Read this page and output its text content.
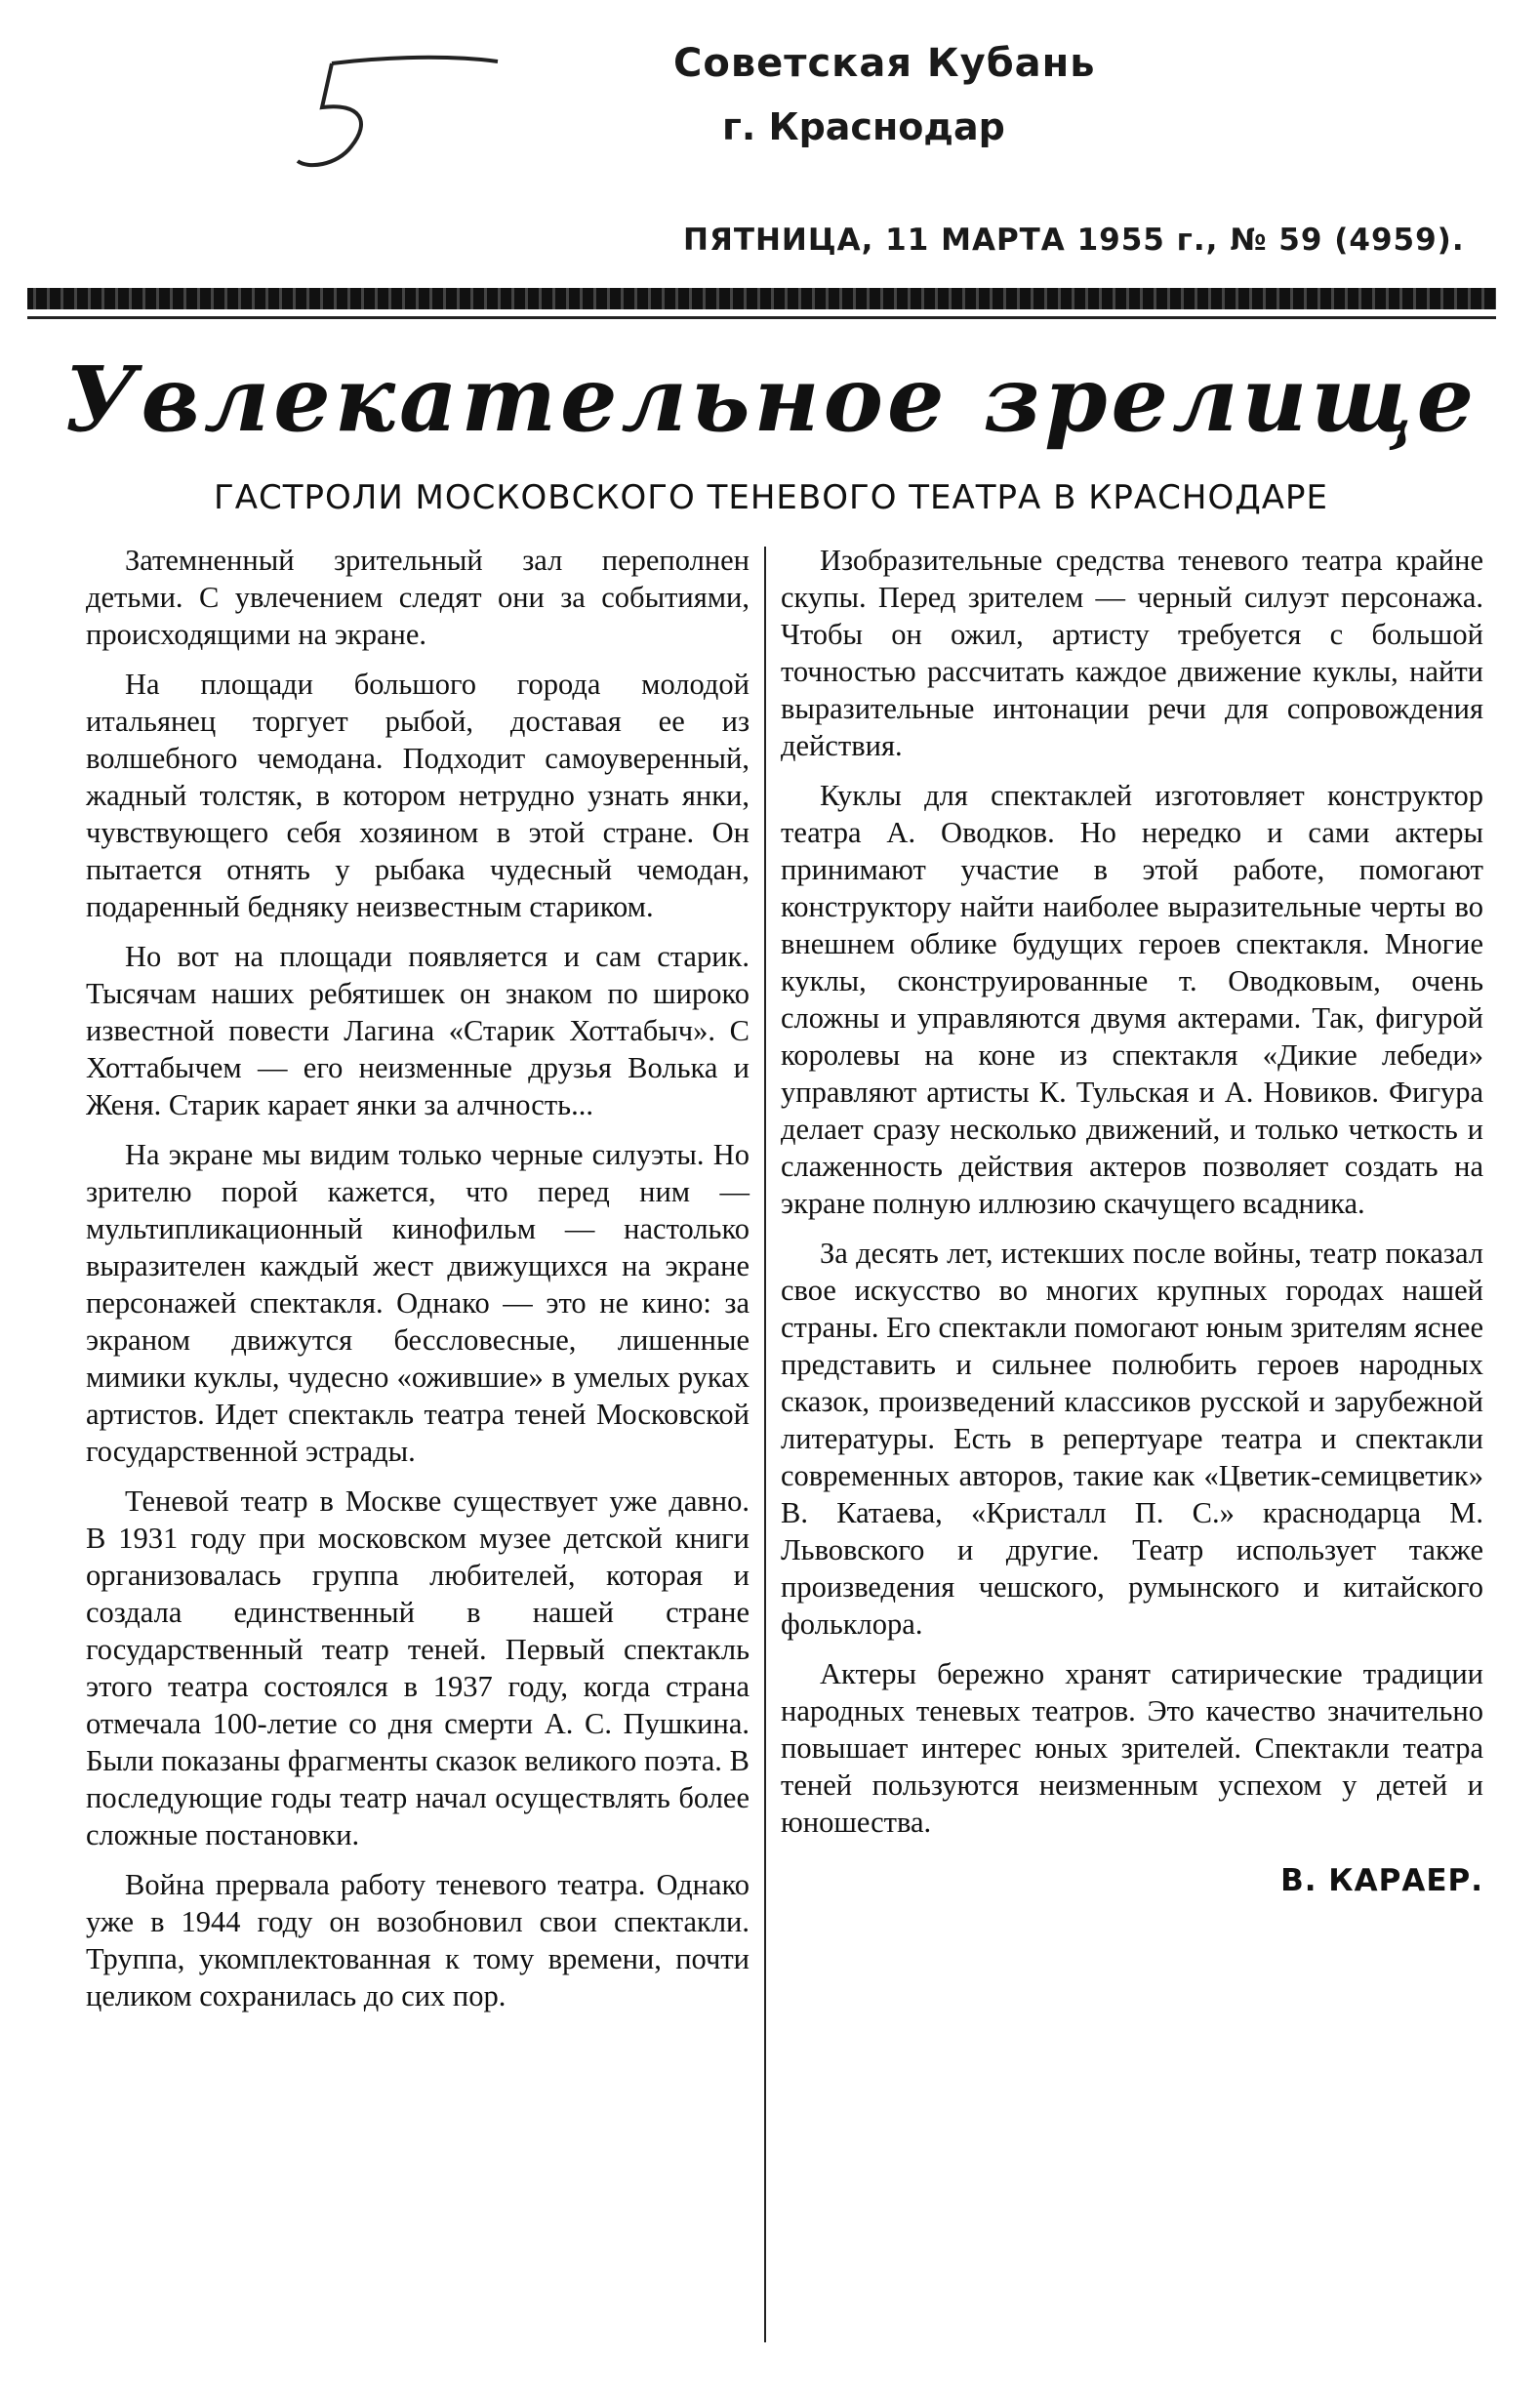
Советская Кубань
г. Краснодар
ПЯТНИЦА, 11 МАРТА 1955 г., № 59 (4959).
Увлекательное зрелище
ГАСТРОЛИ МОСКОВСКОГО ТЕНЕВОГО ТЕАТРА В КРАСНОДАРЕ

Затемненный зрительный зал переполнен детьми. С увлечением следят они за событиями, происходящими на экране.

На площади большого города молодой итальянец торгует рыбой, доставая ее из волшебного чемодана. Подходит самоуверенный, жадный толстяк, в котором нетрудно узнать янки, чувствующего себя хозяином в этой стране. Он пытается отнять у рыбака чудесный чемодан, подаренный бедняку неизвестным стариком.

Но вот на площади появляется и сам старик. Тысячам наших ребятишек он знаком по широко известной повести Лагина «Старик Хоттабыч». С Хоттабычем — его неизменные друзья Волька и Женя. Старик карает янки за алчность...

На экране мы видим только черные силуэты. Но зрителю порой кажется, что перед ним — мультипликационный кинофильм — настолько выразителен каждый жест движущихся на экране персонажей спектакля. Однако — это не кино: за экраном движутся бессловесные, лишенные мимики куклы, чудесно «ожившие» в умелых руках артистов. Идет спектакль театра теней Московской государственной эстрады.

Теневой театр в Москве существует уже давно. В 1931 году при московском музее детской книги организовалась группа любителей, которая и создала единственный в нашей стране государственный театр теней. Первый спектакль этого театра состоялся в 1937 году, когда страна отмечала 100-летие со дня смерти А. С. Пушкина. Были показаны фрагменты сказок великого поэта. В последующие годы театр начал осуществлять более сложные постановки.

Война прервала работу теневого театра. Однако уже в 1944 году он возобновил свои спектакли. Труппа, укомплектованная к тому времени, почти целиком сохранилась до сих пор.

Изобразительные средства теневого театра крайне скупы. Перед зрителем — черный силуэт персонажа. Чтобы он ожил, артисту требуется с большой точностью рассчитать каждое движение куклы, найти выразительные интонации речи для сопровождения действия.

Куклы для спектаклей изготовляет конструктор театра А. Оводков. Но нередко и сами актеры принимают участие в этой работе, помогают конструктору найти наиболее выразительные черты во внешнем облике будущих героев спектакля. Многие куклы, сконструированные т. Оводковым, очень сложны и управляются двумя актерами. Так, фигурой королевы на коне из спектакля «Дикие лебеди» управляют артисты К. Тульская и А. Новиков. Фигура делает сразу несколько движений, и только четкость и слаженность действия актеров позволяет создать на экране полную иллюзию скачущего всадника.

За десять лет, истекших после войны, театр показал свое искусство во многих крупных городах нашей страны. Его спектакли помогают юным зрителям яснее представить и сильнее полюбить героев народных сказок, произведений классиков русской и зарубежной литературы. Есть в репертуаре театра и спектакли современных авторов, такие как «Цветик-семицветик» В. Катаева, «Кристалл П. С.» краснодарца М. Львовского и другие. Театр использует также произведения чешского, румынского и китайского фольклора.

Актеры бережно хранят сатирические традиции народных теневых театров. Это качество значительно повышает интерес юных зрителей. Спектакли театра теней пользуются неизменным успехом у детей и юношества.

В. КАРАЕР.
